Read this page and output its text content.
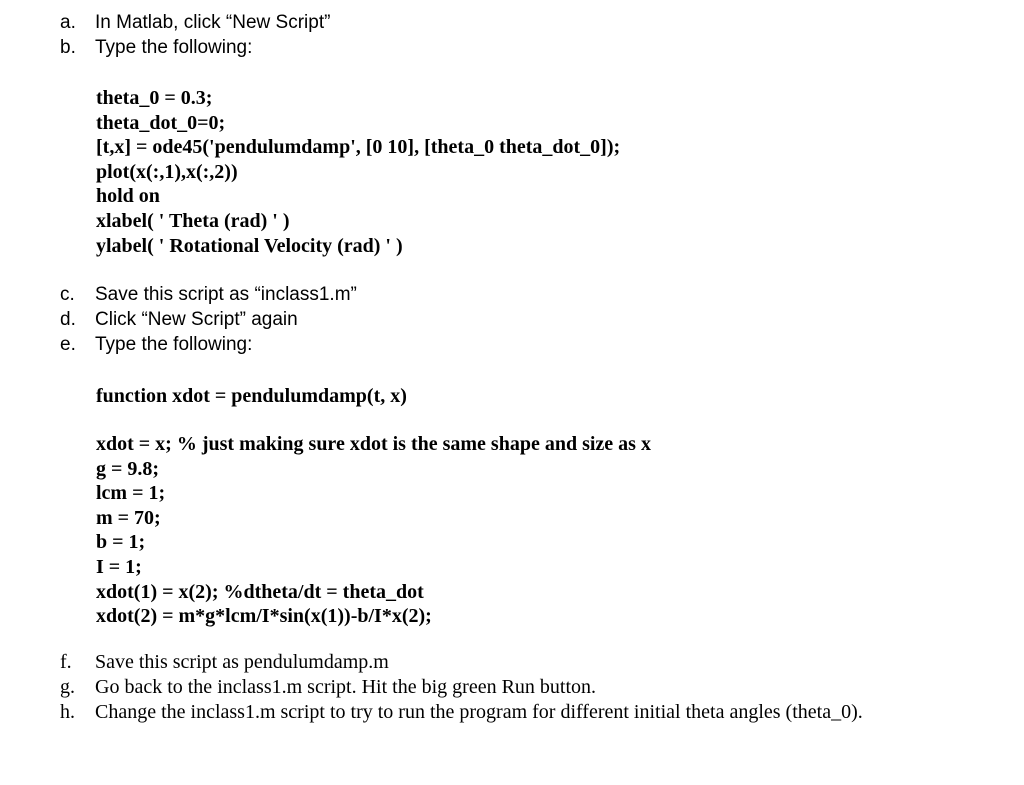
a. In Matlab, click “New Script”
b. Type the following:
theta_0 = 0.3;
theta_dot_0=0;
[t,x] = ode45('pendulumdamp', [0 10], [theta_0 theta_dot_0]);
plot(x(:,1),x(:,2))
hold on
xlabel( ' Theta (rad) ' )
ylabel( ' Rotational Velocity (rad) ' )
c. Save this script as “inclass1.m”
d. Click “New Script” again
e. Type the following:
function xdot = pendulumdamp(t, x)
xdot = x; % just making sure xdot is the same shape and size as x
g = 9.8;
lcm = 1;
m = 70;
b = 1;
I = 1;
xdot(1) = x(2); %dtheta/dt = theta_dot
xdot(2) = m*g*lcm/I*sin(x(1))-b/I*x(2);
f. Save this script as pendulumdamp.m
g. Go back to the inclass1.m script. Hit the big green Run button.
h. Change the inclass1.m script to try to run the program for different initial theta angles (theta_0).
